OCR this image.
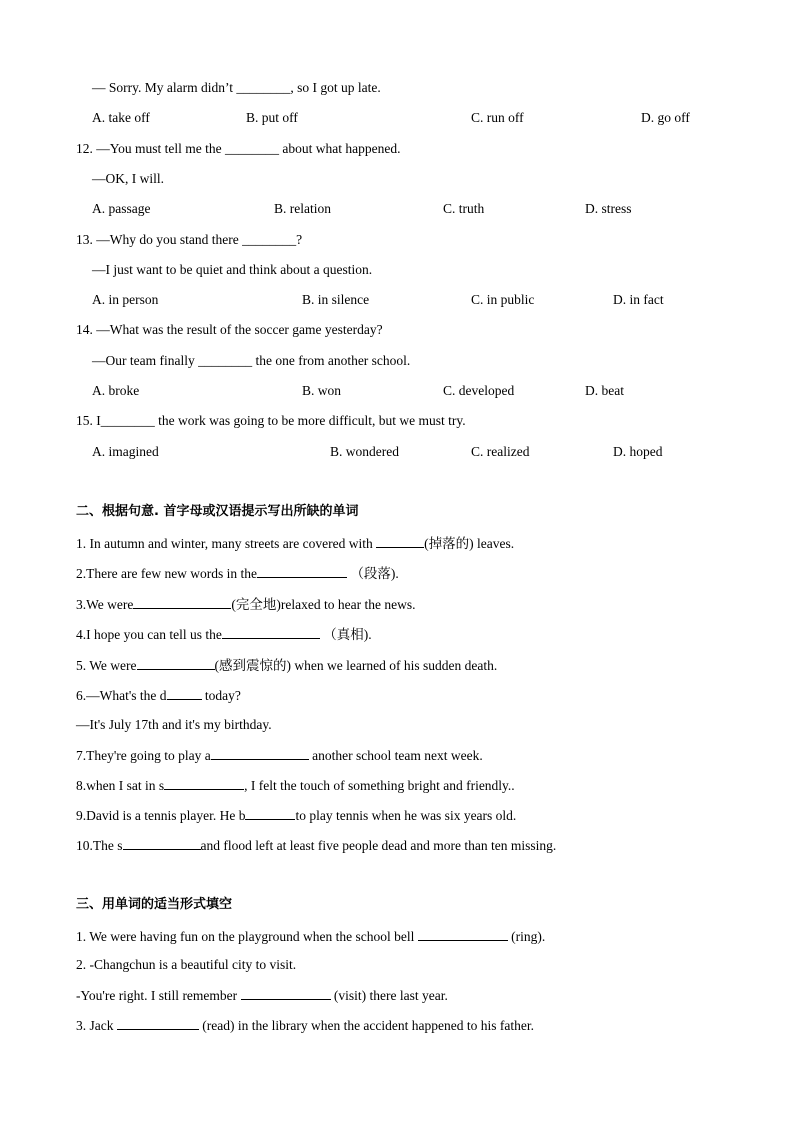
— Sorry. My alarm didn’t ________, so I got up late.
A. take off	B. put off	C. run off	D. go off
12. —You must tell me the ________ about what happened.
—OK, I will.
A. passage	B. relation	C. truth	D. stress
13. —Why do you stand there ________?
—I just want to be quiet and think about a question.
A. in person	B. in silence	C. in public	D. in fact
14. —What was the result of the soccer game yesterday?
—Our team finally ________ the one from another school.
A. broke	B. won	C. developed	D. beat
15. I________ the work was going to be more difficult, but we must try.
A. imagined	B. wondered	C. realized	D. hoped
二、根据句意. 首字母或汉语提示写出所缺的单词
1. In autumn and winter, many streets are covered with	(掉落的) leaves.
2.There are few new words in the	（段落).
3.We were	(完全地)relaxed to hear the news.
4.I hope you can tell us the	（真相).
5. We were	(感到震惊的) when we learned of his sudden death.
6.—What's the d	today?
—It's July 17th and it's my birthday.
7.They're going to play a	another school team next week.
8.when I sat in s	, I felt the touch of something bright and friendly..
9.David is a tennis player. He b	to play tennis when he was six years old.
10.The s	and flood left at least five people dead and more than ten missing.
三、用单词的适当形式填空
1. We were having fun on the playground when the school bell	(ring).
2. -Changchun is a beautiful city to visit.
-You're right. I still remember	(visit) there last year.
3. Jack	(read) in the library when the accident happened to his father.
